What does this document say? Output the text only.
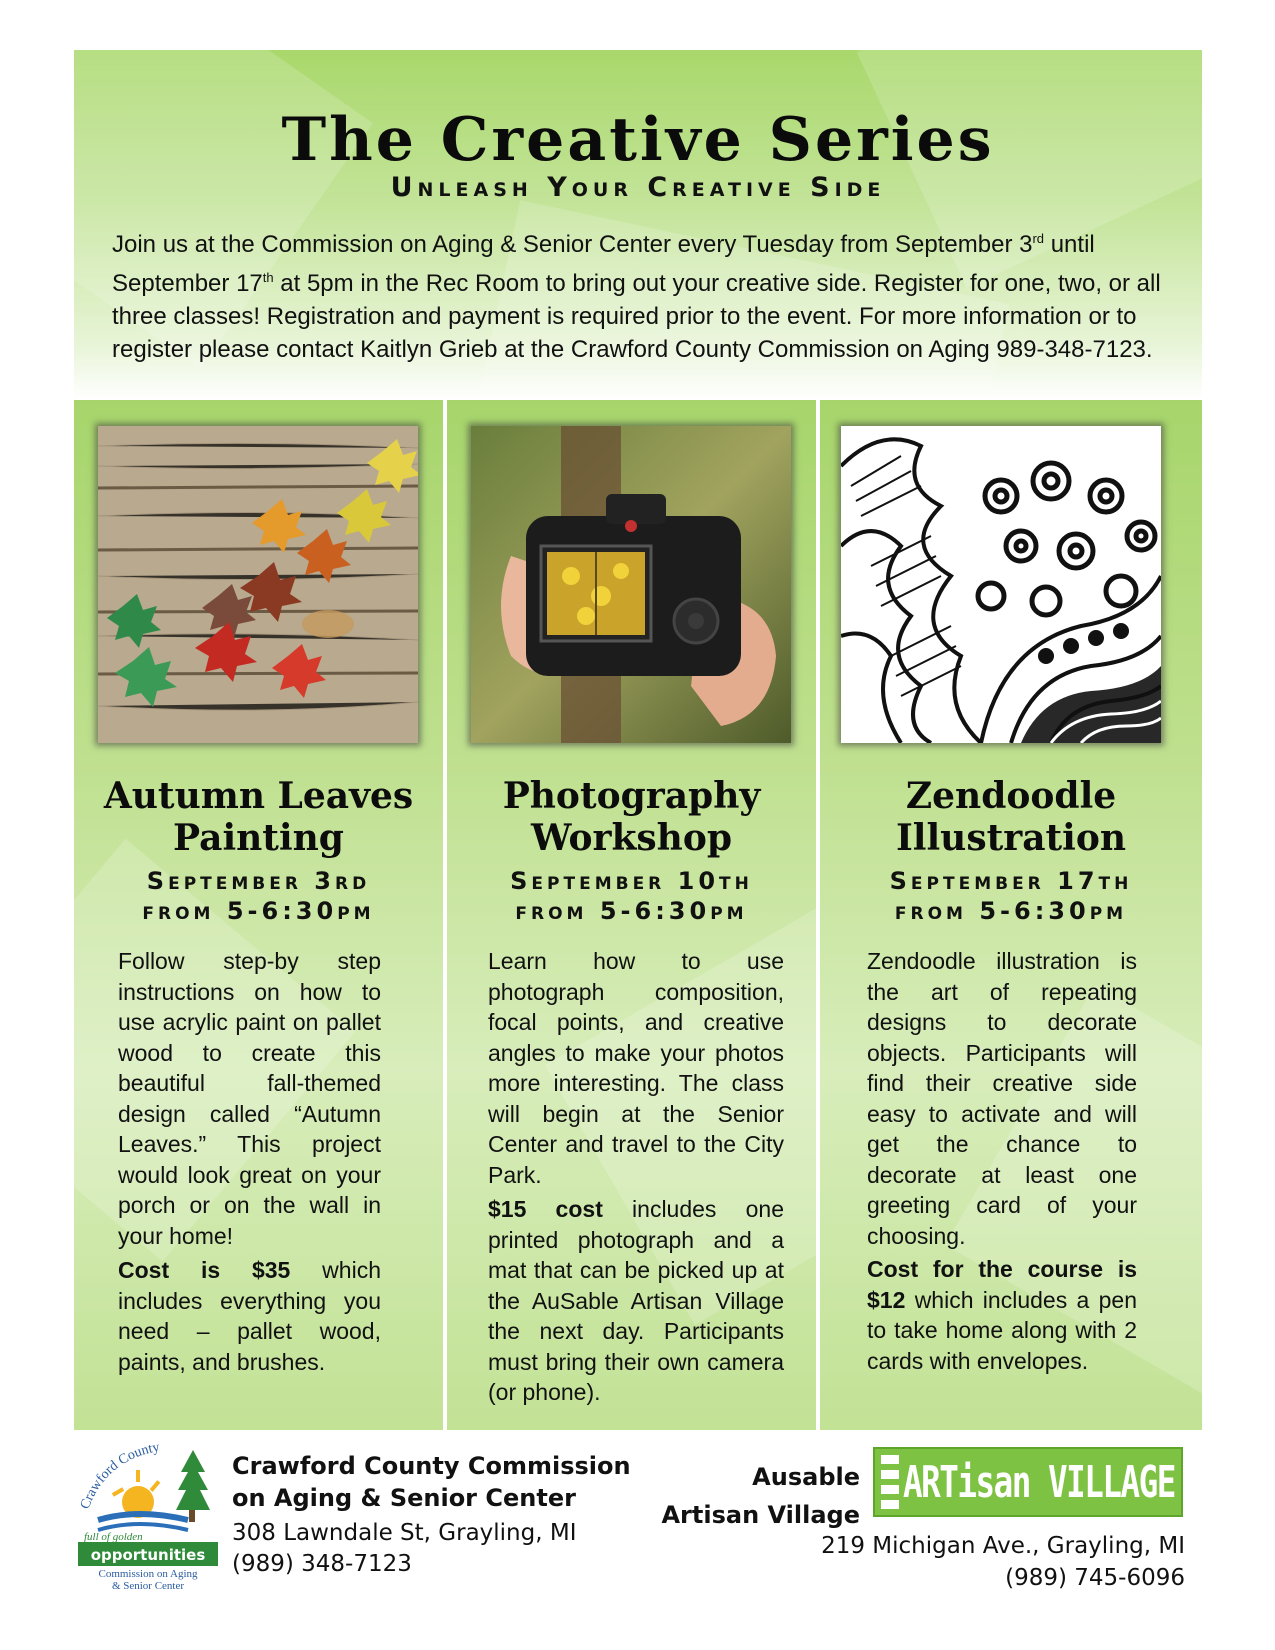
The Creative Series
Unleash Your Creative Side

Join us at the Commission on Aging & Senior Center every Tuesday from September 3rd until September 17th at 5pm in the Rec Room to bring out your creative side. Register for one, two, or all three classes! Registration and payment is required prior to the event. For more information or to register please contact Kaitlyn Grieb at the Crawford County Commission on Aging 989-348-7123.

Autumn Leaves
Painting

September 3rd
from 5-6:30pm

Follow step-by step instructions on how to use acrylic paint on pallet wood to create this beautiful fall-themed design called “Autumn Leaves.” This project would look great on your porch or on the wall in your home!

Cost is $35 which includes everything you need – pallet wood, paints, and brushes.

Photography
Workshop

September 10th
from 5-6:30pm

Learn how to use photograph composition, focal points, and creative angles to make your photos more interesting. The class will begin at the Senior Center and travel to the City Park.

$15 cost includes one printed photograph and a mat that can be picked up at the AuSable Artisan Village the next day. Participants must bring their own camera (or phone).

Zendoodle
Illustration

September 17th
from 5-6:30pm

Zendoodle illustration is the art of repeating designs to decorate objects. Participants will find their creative side easy to activate and will get the chance to decorate at least one greeting card of your choosing.

Cost for the course is $12 which includes a pen to take home along with 2 cards with envelopes.

Crawford County
full of golden
opportunities
Commission on Aging
& Senior Center

Crawford County Commission
on Aging & Senior Center

308 Lawndale St, Grayling, MI
(989) 348-7123

Ausable
Artisan Village

ARTisan VILLAGE

219 Michigan Ave., Grayling, MI
(989) 745-6096
